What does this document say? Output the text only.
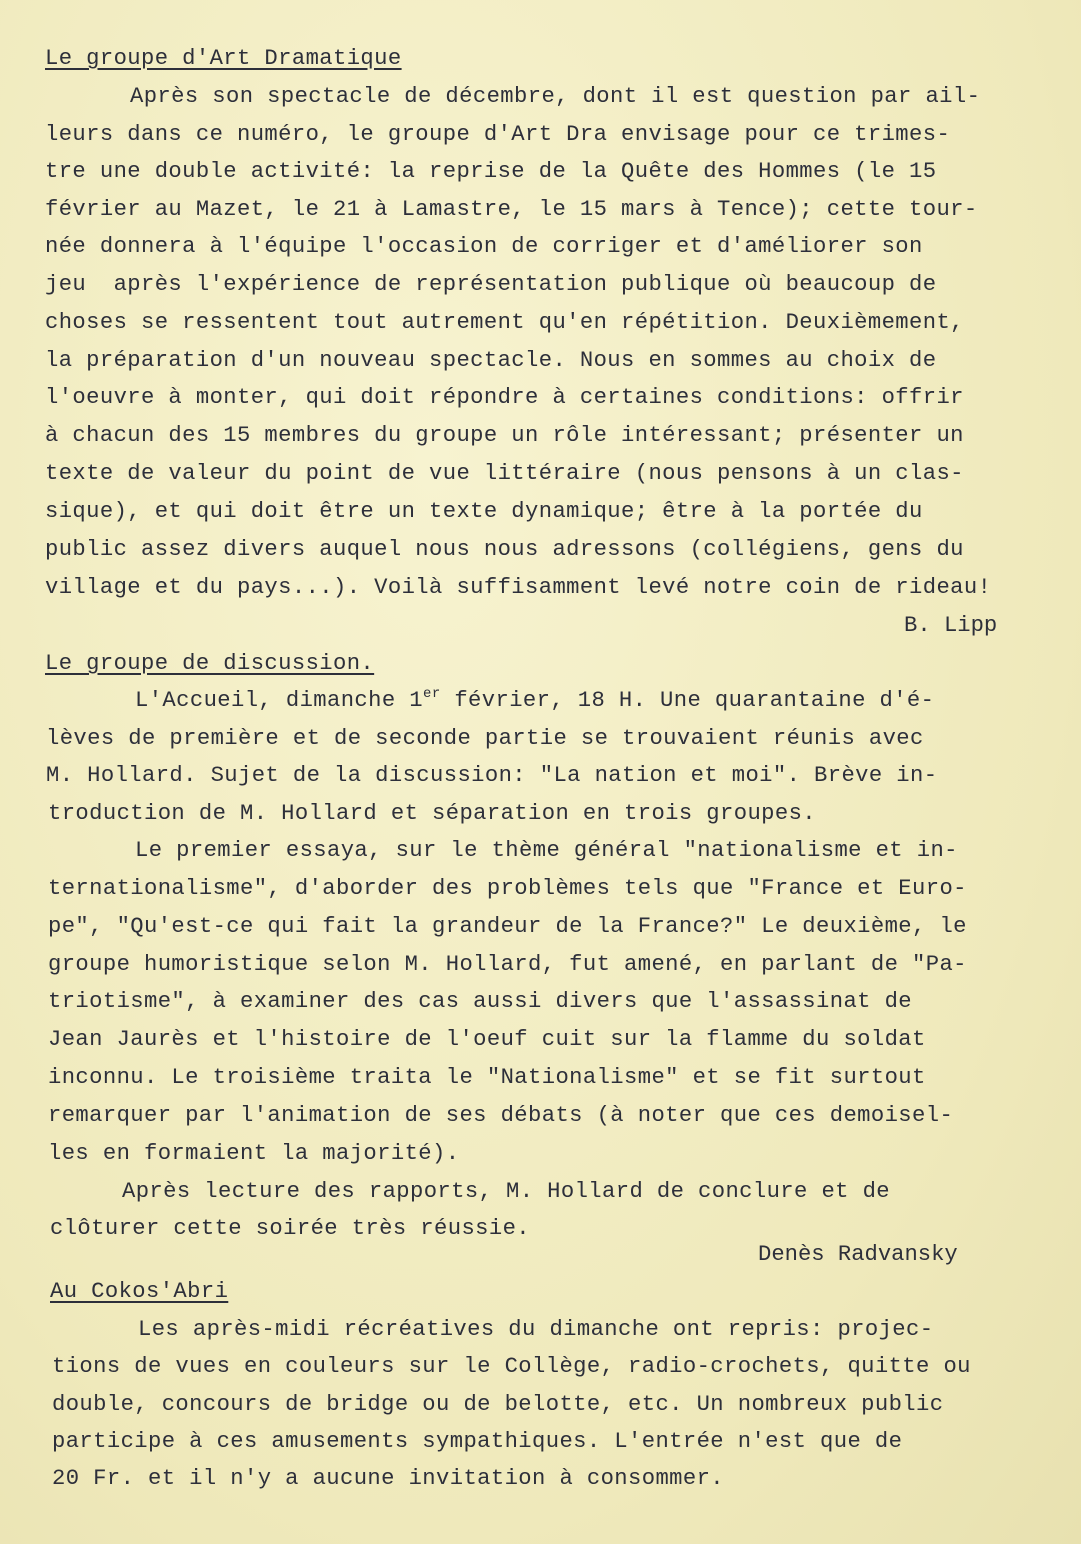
Le groupe d'Art Dramatique
Après son spectacle de décembre, dont il est question par ail-
leurs dans ce numéro, le groupe d'Art Dra envisage pour ce trimes-
tre une double activité: la reprise de la Quête des Hommes (le 15
février au Mazet, le 21 à Lamastre, le 15 mars à Tence); cette tour-
née donnera à l'équipe l'occasion de corriger et d'améliorer son
jeu  après l'expérience de représentation publique où beaucoup de
choses se ressentent tout autrement qu'en répétition. Deuxièmement,
la préparation d'un nouveau spectacle. Nous en sommes au choix de
l'oeuvre à monter, qui doit répondre à certaines conditions: offrir
à chacun des 15 membres du groupe un rôle intéressant; présenter un
texte de valeur du point de vue littéraire (nous pensons à un clas-
sique), et qui doit être un texte dynamique; être à la portée du
public assez divers auquel nous nous adressons (collégiens, gens du
village et du pays...). Voilà suffisamment levé notre coin de rideau!
B. Lipp
Le groupe de discussion.
L'Accueil, dimanche 1er février, 18 H. Une quarantaine d'é-
lèves de première et de seconde partie se trouvaient réunis avec
M. Hollard. Sujet de la discussion: "La nation et moi". Brève in-
troduction de M. Hollard et séparation en trois groupes.
Le premier essaya, sur le thème général "nationalisme et in-
ternationalisme", d'aborder des problèmes tels que "France et Euro-
pe", "Qu'est-ce qui fait la grandeur de la France?" Le deuxième, le
groupe humoristique selon M. Hollard, fut amené, en parlant de "Pa-
triotisme", à examiner des cas aussi divers que l'assassinat de
Jean Jaurès et l'histoire de l'oeuf cuit sur la flamme du soldat
inconnu. Le troisième traita le "Nationalisme" et se fit surtout
remarquer par l'animation de ses débats (à noter que ces demoisel-
les en formaient la majorité).
Après lecture des rapports, M. Hollard de conclure et de
clôturer cette soirée très réussie.
Denès Radvansky
Au Cokos'Abri
Les après-midi récréatives du dimanche ont repris: projec-
tions de vues en couleurs sur le Collège, radio-crochets, quitte ou
double, concours de bridge ou de belotte, etc. Un nombreux public
participe à ces amusements sympathiques. L'entrée n'est que de
20 Fr. et il n'y a aucune invitation à consommer.
